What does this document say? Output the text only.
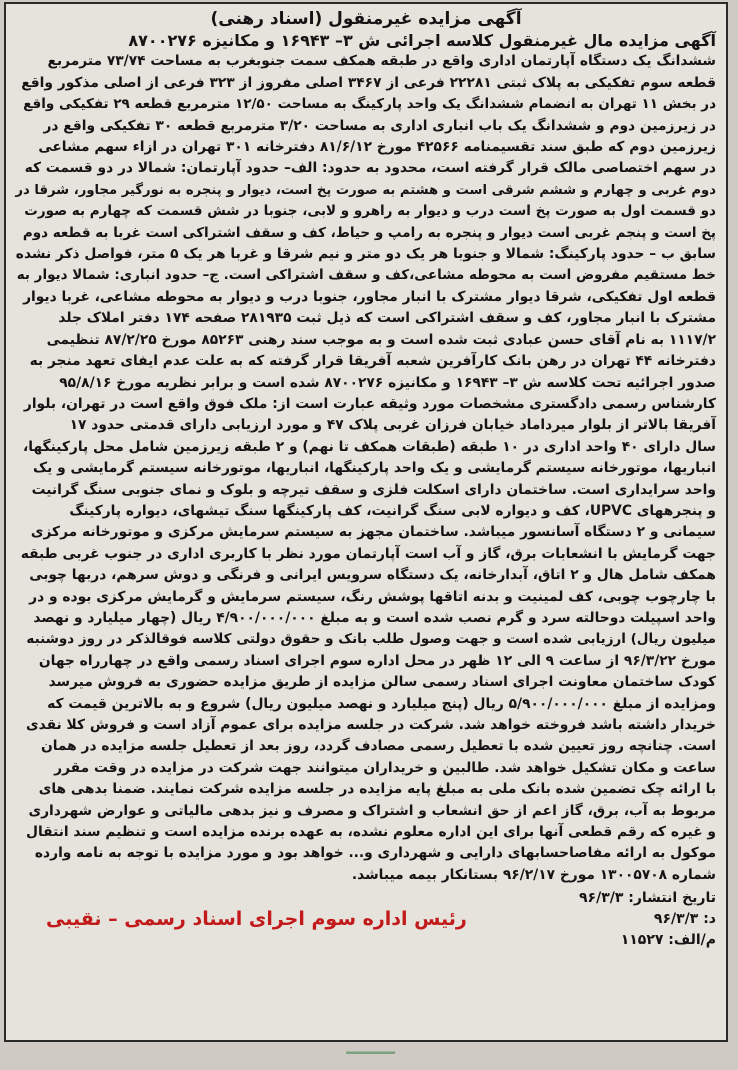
آگهی مزایده غیرمنقول (اسناد رهنی)
آگهی مزایده مال غیرمنقول کلاسه اجرائی ش ۳– ۱۶۹۴۳ و مکانیزه ۸۷۰۰۲۷۶
ششدانگ یک دستگاه آپارتمان اداری واقع در طبقه همکف سمت جنوبغرب به مساحت ۷۳/۷۴ مترمربع
قطعه سوم تفکیکی به پلاک ثبتی ۲۲۲۸۱ فرعی از ۳۴۶۷ اصلی مفروز از ۳۲۳ فرعی از اصلی مذکور واقع
در بخش ۱۱ تهران به انضمام ششدانگ یک واحد پارکینگ به مساحت ۱۲/۵۰ مترمربع قطعه ۲۹ تفکیکی واقع
در زیرزمین دوم و ششدانگ یک باب انباری اداری به مساحت ۳/۲۰ مترمربع قطعه ۳۰ تفکیکی واقع در
زیرزمین دوم که طبق سند تقسیمنامه ۴۲۵۶۶ مورخ ۸۱/۶/۱۲ دفترخانه ۳۰۱ تهران در ازاء سهم مشاعی
در سهم اختصاصی مالک قرار گرفته است، محدود به حدود: الف– حدود آپارتمان: شمالا در دو قسمت که
دوم غربی و چهارم و ششم شرقی است و هشتم به صورت پخ است، دیوار و پنجره به نورگیر مجاور، شرقا در
دو قسمت اول به صورت پخ است درب و دیوار به راهرو و لابی، جنوبا در شش قسمت که چهارم به صورت
پخ است و پنجم غربی است دیوار و پنجره به رامپ و حیاط، کف و سقف اشتراکی است غربا به قطعه دوم
سابق ب – حدود پارکینگ: شمالا و جنوبا هر یک دو متر و نیم شرقا و غربا هر یک ۵ متر، فواصل ذکر نشده
خط مستقیم مفروض است به محوطه مشاعی،کف و سقف اشتراکی است. ج– حدود انباری: شمالا دیوار به
قطعه اول تفکیکی، شرقا دیوار مشترک با انبار مجاور، جنوبا درب و دیوار به محوطه مشاعی، غربا دیوار
مشترک با انبار مجاور، کف و سقف اشتراکی است که ذیل ثبت ۲۸۱۹۳۵ صفحه ۱۷۴ دفتر املاک جلد
۱۱۱۷/۲ به نام آقای حسن عبادی ثبت شده است و به موجب سند رهنی ۸۵۲۶۳ مورخ ۸۷/۲/۲۵ تنظیمی
دفترخانه ۴۴ تهران در رهن بانک کارآفرین شعبه آفریقا قرار گرفته که به علت عدم ایفای تعهد منجر به
صدور اجرائیه تحت کلاسه ش ۳– ۱۶۹۴۳ و مکانیزه ۸۷۰۰۲۷۶ شده است و برابر نظریه مورخ ۹۵/۸/۱۶
کارشناس رسمی دادگستری مشخصات مورد وثیقه عبارت است از: ملک فوق واقع است در تهران، بلوار
آفریقا بالاتر از بلوار میرداماد خیابان فرزان غربی پلاک ۴۷ و مورد ارزیابی دارای قدمتی حدود ۱۷
سال دارای ۴۰ واحد اداری در ۱۰ طبقه (طبقات همکف تا نهم) و ۲ طبقه زیرزمین شامل محل پارکینگها،
انباریها، موتورخانه سیستم گرمایشی و یک واحد پارکینگها، انباریها، موتورخانه سیستم گرمایشی و یک
واحد سرایداری است. ساختمان دارای اسکلت فلزی و سقف تیرچه و بلوک و نمای جنوبی سنگ گرانیت
و پنجرههای UPVC، کف و دیواره لابی سنگ گرانیت، کف پارکینگها سنگ تیشهای، دیواره پارکینگ
سیمانی و ۲ دستگاه آسانسور میباشد. ساختمان مجهز به سیستم سرمایش مرکزی و موتورخانه مرکزی
جهت گرمایش با انشعابات برق، گاز و آب است آپارتمان مورد نظر با کاربری اداری در جنوب غربی طبقه
همکف شامل هال و ۲ اتاق، آبدارخانه، یک دستگاه سرویس ایرانی و فرنگی و دوش سرهم، دربها چوبی
با چارچوب چوبی، کف لمینیت و بدنه اتاقها پوشش رنگ، سیستم سرمایش و گرمایش مرکزی بوده و در
واحد اسپیلت دوحالته سرد و گرم نصب شده است و به مبلغ ۴/۹۰۰/۰۰۰/۰۰۰ ریال (چهار میلیارد و نهصد
میلیون ریال) ارزیابی شده است و جهت وصول طلب بانک و حقوق دولتی کلاسه فوقالذکر در روز دوشنبه
مورخ ۹۶/۳/۲۲ از ساعت ۹ الی ۱۲ ظهر در محل اداره سوم اجرای اسناد رسمی واقع در چهارراه جهان
کودک ساختمان معاونت اجرای اسناد رسمی سالن مزایده از طریق مزایده حضوری به فروش میرسد
ومزایده از مبلغ ۵/۹۰۰/۰۰۰/۰۰۰ ریال (پنج میلیارد و نهصد میلیون ریال) شروع و به بالاترین قیمت که
خریدار داشته باشد فروخته خواهد شد. شرکت در جلسه مزایده برای عموم آزاد است و فروش کلا نقدی
است. چنانچه روز تعیین شده با تعطیل رسمی مصادف گردد، روز بعد از تعطیل جلسه مزایده در همان
ساعت و مکان تشکیل خواهد شد. طالبین و خریداران میتوانند جهت شرکت در مزایده در وقت مقرر
با ارائه چک تضمین شده بانک ملی به مبلغ پایه مزایده در جلسه مزایده شرکت نمایند. ضمنا بدهی های
مربوط به آب، برق، گاز اعم از حق انشعاب و اشتراک و مصرف و نیز بدهی مالیاتی و عوارض شهرداری
و غیره که رقم قطعی آنها برای این اداره معلوم نشده، به عهده برنده مزایده است و تنظیم سند انتقال
موکول به ارائه مفاصاحسابهای دارایی و شهرداری و... خواهد بود و مورد مزایده با توجه به نامه وارده
شماره ۱۳۰۰۵۷۰۸ مورخ ۹۶/۲/۱۷ بستانکار بیمه میباشد.
تاریخ انتشار: ۹۶/۳/۳
د: ۹۶/۳/۳
رئیس اداره سوم اجرای اسناد رسمی – نقیبی
م/الف: ۱۱۵۲۷
⸺
